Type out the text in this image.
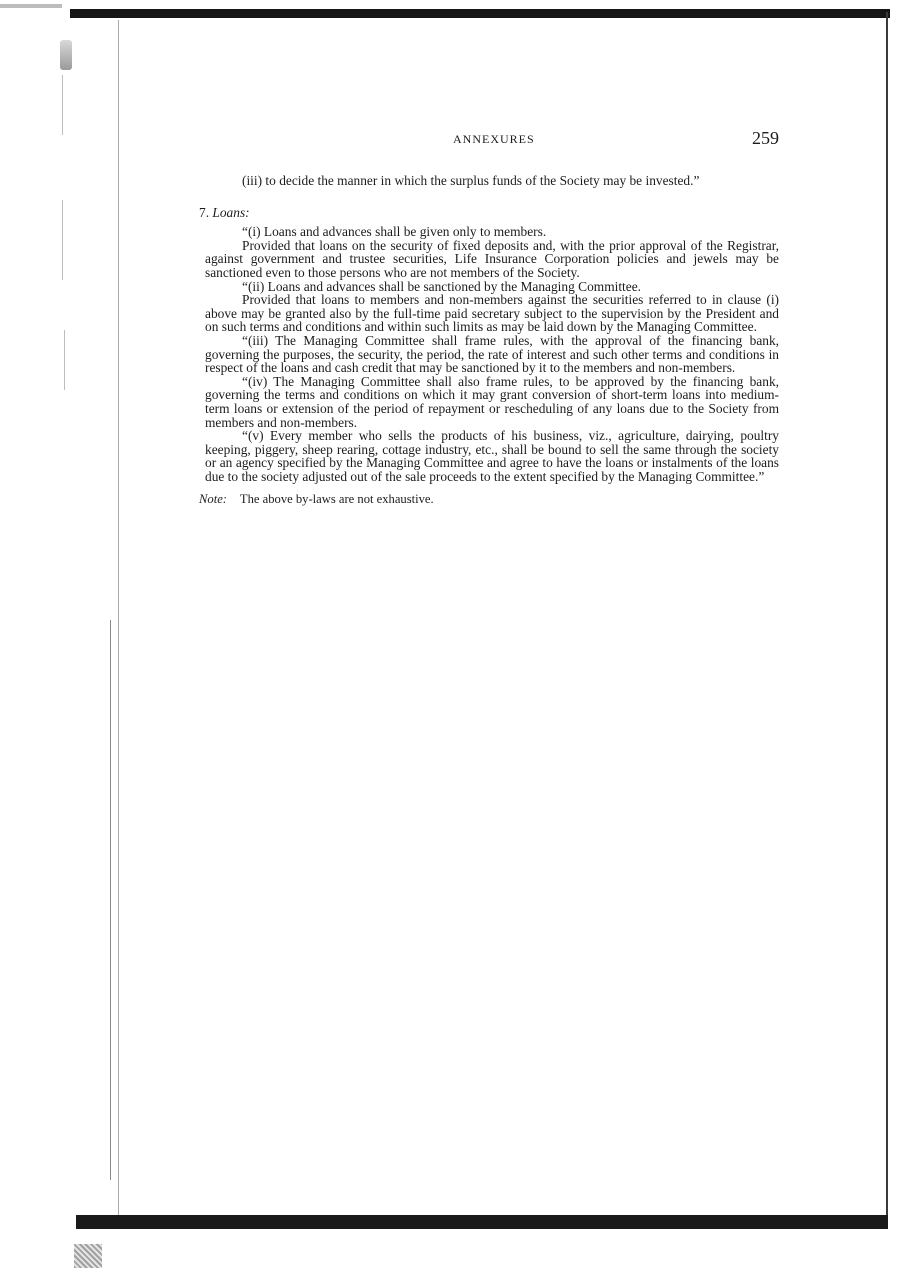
ANNEXURES	259

(iii) to decide the manner in which the surplus funds of the Society may be invested.”

7. Loans:

“(i) Loans and advances shall be given only to members.

Provided that loans on the security of fixed deposits and, with the prior approval of the Registrar, against government and trustee securities, Life Insurance Corporation policies and jewels may be sanctioned even to those persons who are not members of the Society.

“(ii) Loans and advances shall be sanctioned by the Managing Committee.

Provided that loans to members and non-members against the securities referred to in clause (i) above may be granted also by the full-time paid secretary subject to the supervision by the President and on such terms and conditions and within such limits as may be laid down by the Managing Committee.

“(iii) The Managing Committee shall frame rules, with the approval of the financing bank, governing the purposes, the security, the period, the rate of interest and such other terms and conditions in respect of the loans and cash credit that may be sanctioned by it to the members and non-members.

“(iv) The Managing Committee shall also frame rules, to be approved by the financing bank, governing the terms and conditions on which it may grant conversion of short-term loans into medium-term loans or extension of the period of repayment or rescheduling of any loans due to the Society from members and non-members.

“(v) Every member who sells the products of his business, viz., agriculture, dairying, poultry keeping, piggery, sheep rearing, cottage industry, etc., shall be bound to sell the same through the society or an agency specified by the Managing Committee and agree to have the loans or instalments of the loans due to the society adjusted out of the sale proceeds to the extent specified by the Managing Committee.”

Note: The above by-laws are not exhaustive.
